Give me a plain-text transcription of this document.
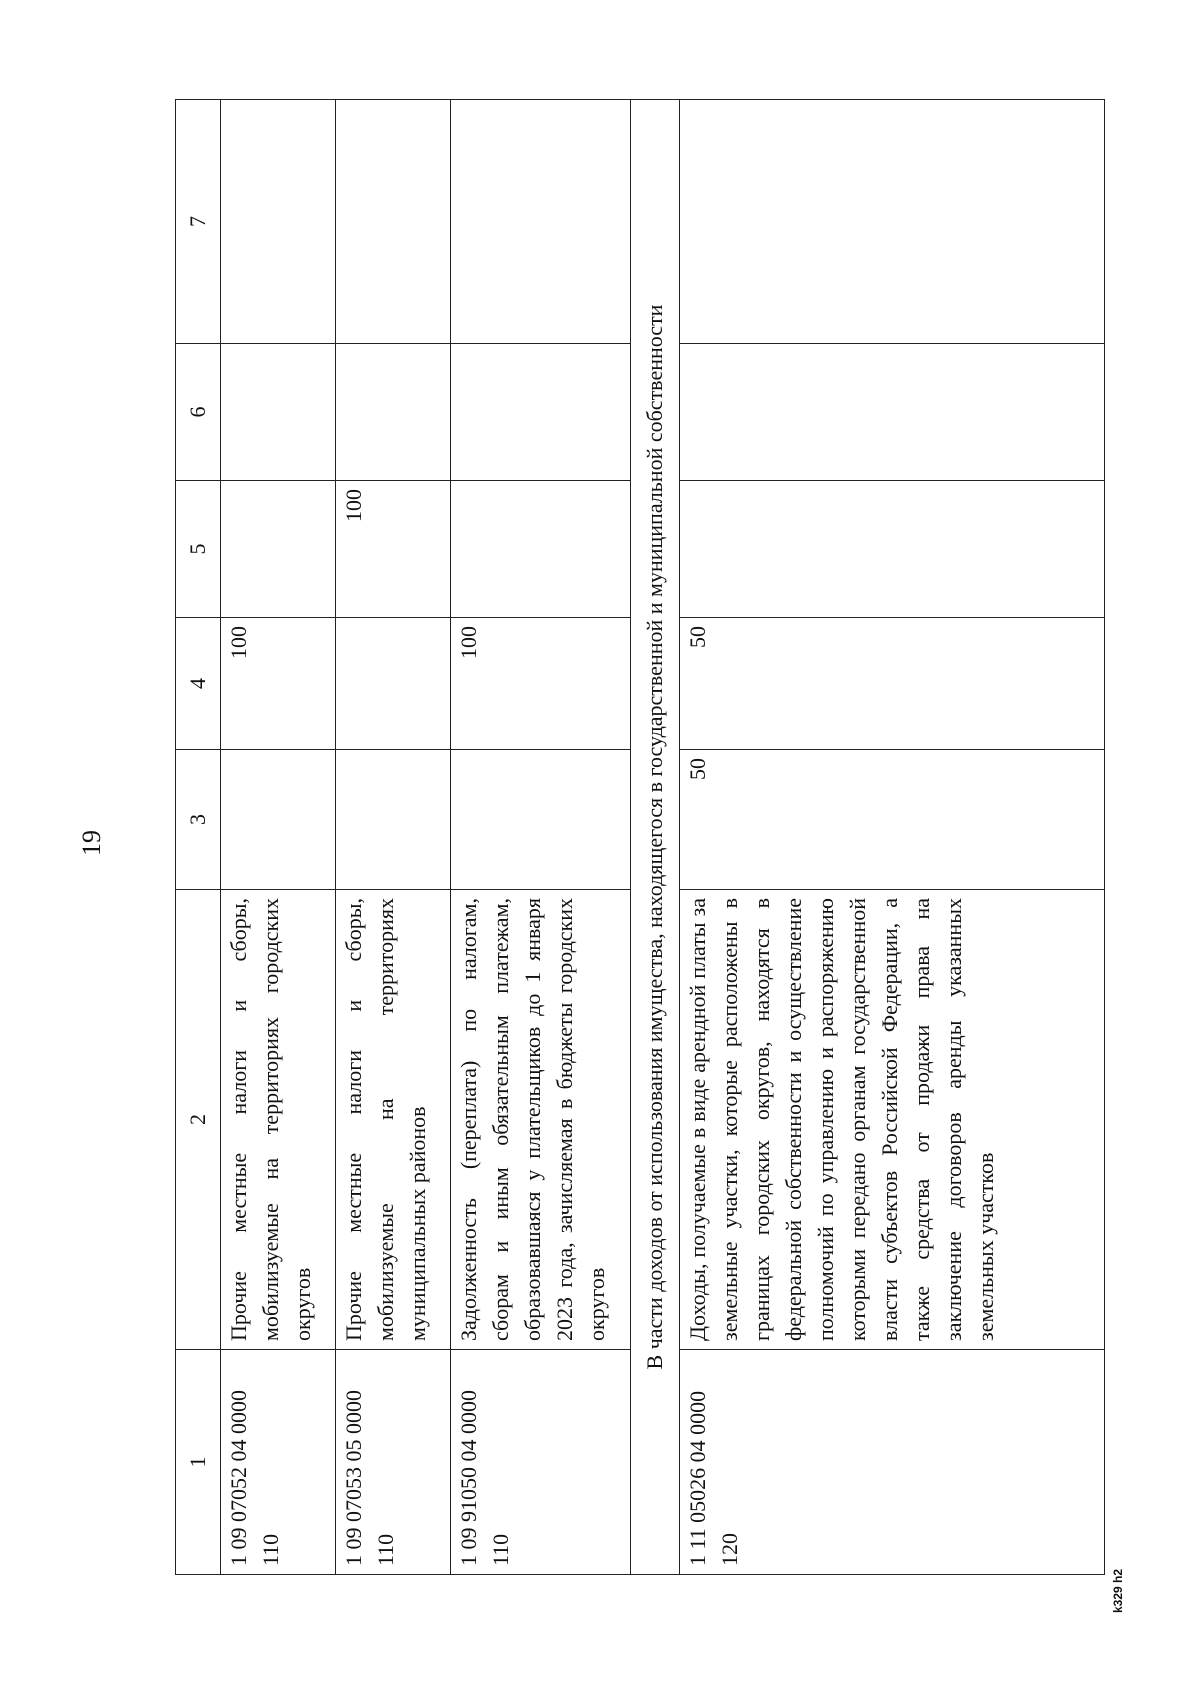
19
1	2	3	4	5	6	7
1 09 07052 04 0000 110	Прочие местные налоги и сборы, мобилизуемые на территориях городских округов		100			
1 09 07053 05 0000 110	Прочие местные налоги и сборы, мобилизуемые на территориях муниципальных районов			100		
1 09 91050 04 0000 110	Задолженность (переплата) по налогам, сборам и иным обязательным платежам, образовавшаяся у плательщиков до 1 января 2023 года, зачисляемая в бюджеты городских округов		100			
В части доходов от использования имущества, находящегося в государственной и муниципальной собственности						
1 11 05026 04 0000 120	Доходы, получаемые в виде арендной платы за земельные участки, которые расположены в границах городских округов, находятся в федеральной собственности и осуществление полномочий по управлению и распоряжению которыми передано органам государственной власти субъектов Российской Федерации, а также средства от продажи права на заключение договоров аренды указанных земельных участков	50	50			
k329 h2
